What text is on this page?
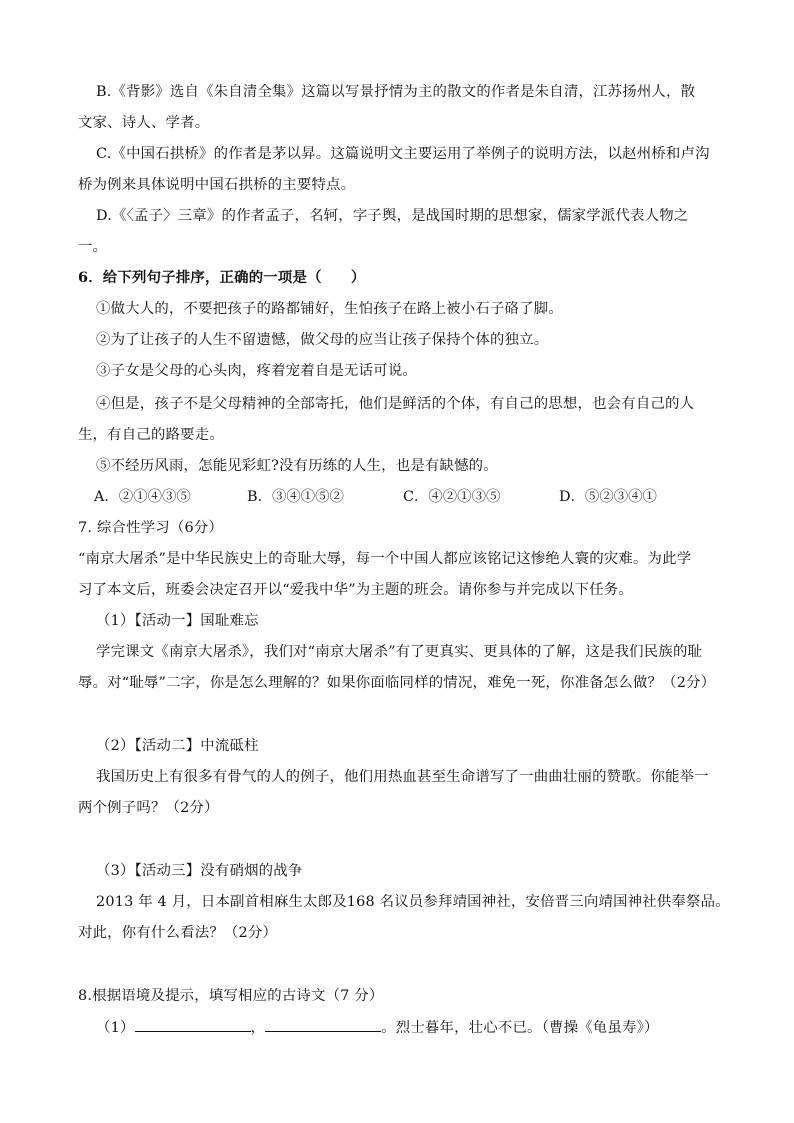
B.《背影》选自《朱自清全集》这篇以写景抒情为主的散文的作者是朱自清，江苏扬州人，散
文家、诗人、学者。
C.《中国石拱桥》的作者是茅以昇。这篇说明文主要运用了举例子的说明方法，以赵州桥和卢沟
桥为例来具体说明中国石拱桥的主要特点。
D.《〈孟子〉三章》的作者孟子，名轲，字子舆，是战国时期的思想家，儒家学派代表人物之
一。
6．给下列句子排序，正确的一项是（　　）
①做大人的，不要把孩子的路都铺好，生怕孩子在路上被小石子硌了脚。
②为了让孩子的人生不留遗憾，做父母的应当让孩子保持个体的独立。
③子女是父母的心头肉，疼着宠着自是无话可说。
④但是，孩子不是父母精神的全部寄托，他们是鲜活的个体，有自己的思想，也会有自己的人
生，有自己的路要走。
⑤不经历风雨，怎能见彩虹?没有历练的人生，也是有缺憾的。
A．②①④③⑤	B．③④①⑤②	C．④②①③⑤	D．⑤②③④①
7. 综合性学习（6分）
“南京大屠杀”是中华民族史上的奇耻大辱，每一个中国人都应该铭记这惨绝人寰的灾难。为此学
习了本文后，班委会决定召开以“爱我中华”为主题的班会。请你参与并完成以下任务。
（1）【活动一】国耻难忘
学完课文《南京大屠杀》，我们对“南京大屠杀”有了更真实、更具体的了解，这是我们民族的耻
辱。对“耻辱”二字，你是怎么理解的？如果你面临同样的情况，难免一死，你准备怎么做？（2分）
（2）【活动二】中流砥柱
我国历史上有很多有骨气的人的例子，他们用热血甚至生命谱写了一曲曲壮丽的赞歌。你能举一
两个例子吗？（2分）
（3）【活动三】没有硝烟的战争
2013 年 4 月，日本副首相麻生太郎及168 名议员参拜靖国神社，安倍晋三向靖国神社供奉祭品。
对此，你有什么看法？（2分）
8.根据语境及提示，填写相应的古诗文（7 分）
（1）	，	。烈士暮年，壮心不已。（曹操《龟虽寿》）
